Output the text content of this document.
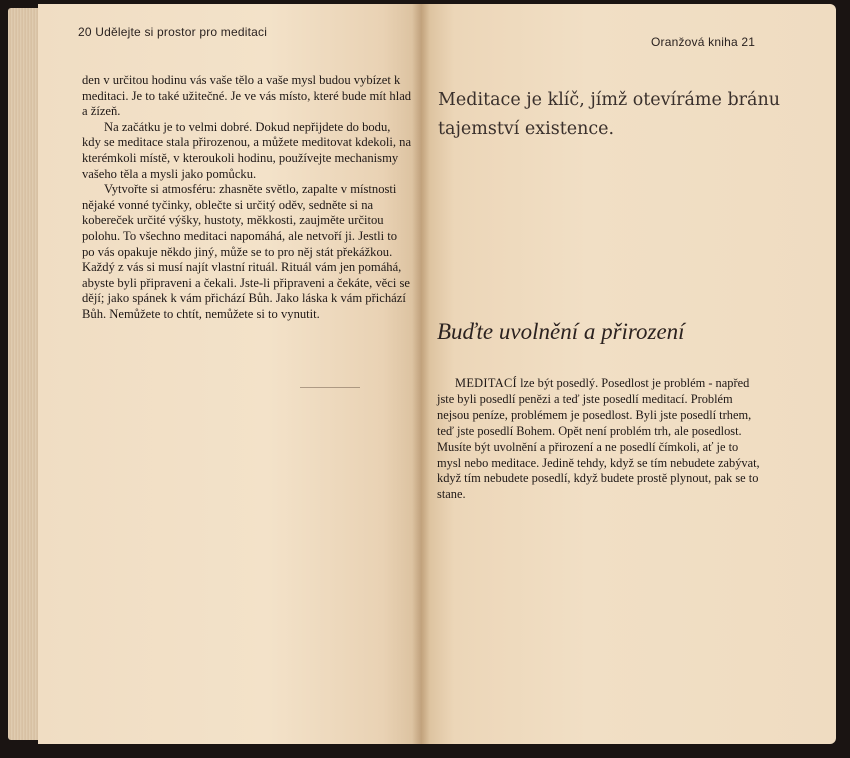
20 Udělejte si prostor pro meditaci

den v určitou hodinu vás vaše tělo a vaše mysl budou vybízet k meditaci. Je to také užitečné. Je ve vás místo, které bude mít hlad a žízeň.

Na začátku je to velmi dobré. Dokud nepřijdete do bodu, kdy se meditace stala přirozenou, a můžete meditovat kdekoli, na kterémkoli místě, v kteroukoli hodinu, používejte mechanismy vašeho těla a mysli jako pomůcku.

Vytvořte si atmosféru: zhasněte světlo, zapalte v místnosti nějaké vonné tyčinky, oblečte si určitý oděv, sedněte si na kobereček určité výšky, hustoty, měkkosti, zaujměte určitou polohu. To všechno meditaci napomáhá, ale netvoří ji. Jestli to po vás opakuje někdo jiný, může se to pro něj stát překážkou. Každý z vás si musí najít vlastní rituál. Rituál vám jen pomáhá, abyste byli připraveni a čekali. Jste-li připraveni a čekáte, věci se dějí; jako spánek k vám přichází Bůh. Jako láska k vám přichází Bůh. Nemůžete to chtít, nemůžete si to vynutit.

Oranžová kniha 21
Meditace je klíč, jímž otevíráme bránu tajemství existence.
Buďte uvolnění a přirození

MEDITACÍ lze být posedlý. Posedlost je problém - napřed jste byli posedlí penězi a teď jste posedlí meditací. Problém nejsou peníze, problémem je posedlost. Byli jste posedlí trhem, teď jste posedlí Bohem. Opět není problém trh, ale posedlost. Musíte být uvolnění a přirození a ne posedlí čímkoli, ať je to mysl nebo meditace. Jedině tehdy, když se tím nebudete zabývat, když tím nebudete posedlí, když budete prostě plynout, pak se to stane.
